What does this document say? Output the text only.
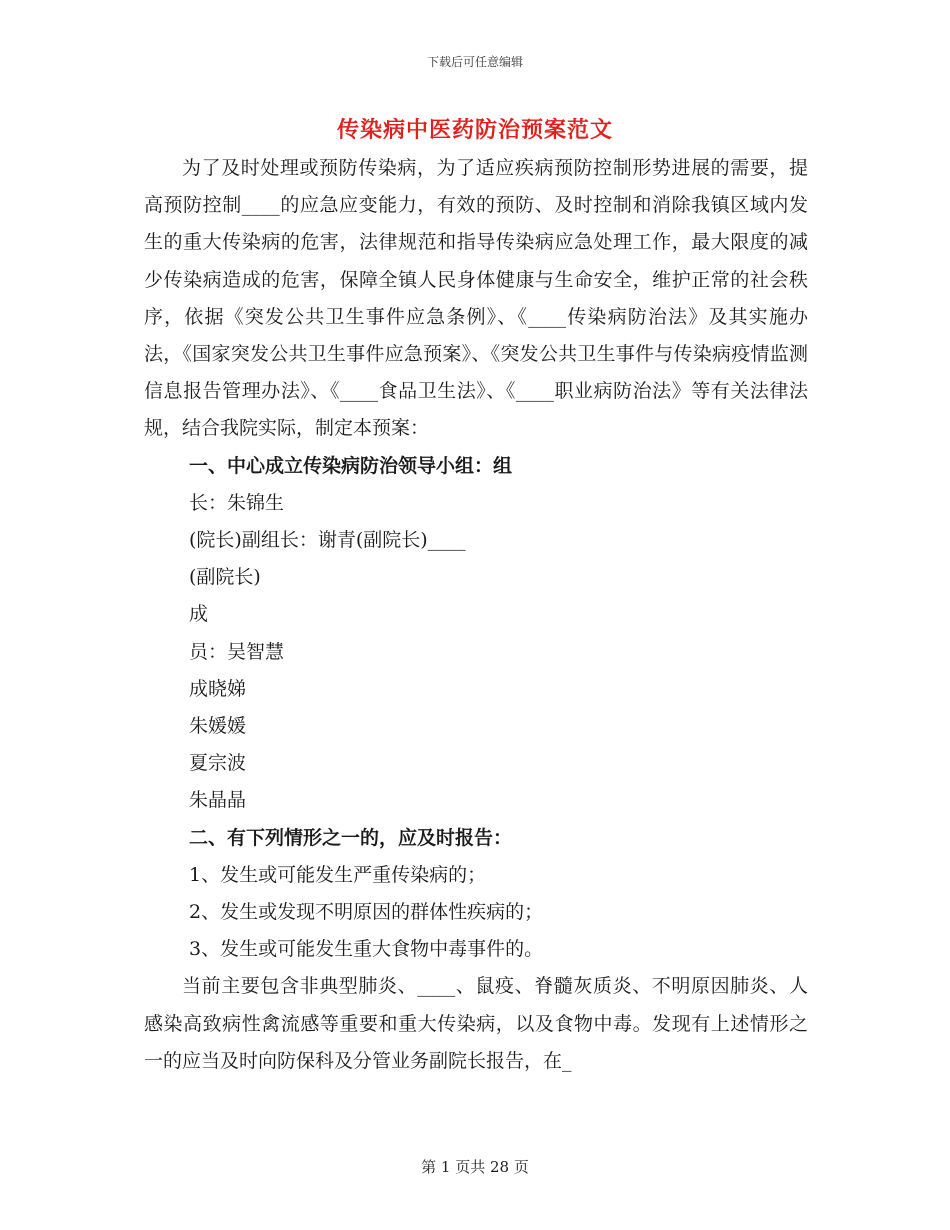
下载后可任意编辑
传染病中医药防治预案范文

为了及时处理或预防传染病，为了适应疾病预防控制形势进展的需要，提高预防控制____的应急应变能力，有效的预防、及时控制和消除我镇区域内发生的重大传染病的危害，法律规范和指导传染病应急处理工作，最大限度的减少传染病造成的危害，保障全镇人民身体健康与生命安全，维护正常的社会秩序，依据《突发公共卫生事件应急条例》、《____传染病防治法》及其实施办法，《国家突发公共卫生事件应急预案》、《突发公共卫生事件与传染病疫情监测信息报告管理办法》、《____食品卫生法》、《____职业病防治法》等有关法律法规，结合我院实际，制定本预案：

一、中心成立传染病防治领导小组：组

长：朱锦生

(院长)副组长：谢青(副院长)____

(副院长)

成

员：吴智慧

成晓娣

朱媛媛

夏宗波

朱晶晶

二、有下列情形之一的，应及时报告：

1、发生或可能发生严重传染病的；

2、发生或发现不明原因的群体性疾病的；

3、发生或可能发生重大食物中毒事件的。

当前主要包含非典型肺炎、____、鼠疫、脊髓灰质炎、不明原因肺炎、人感染高致病性禽流感等重要和重大传染病，以及食物中毒。发现有上述情形之一的应当及时向防保科及分管业务副院长报告，在_

第 1 页共 28 页
